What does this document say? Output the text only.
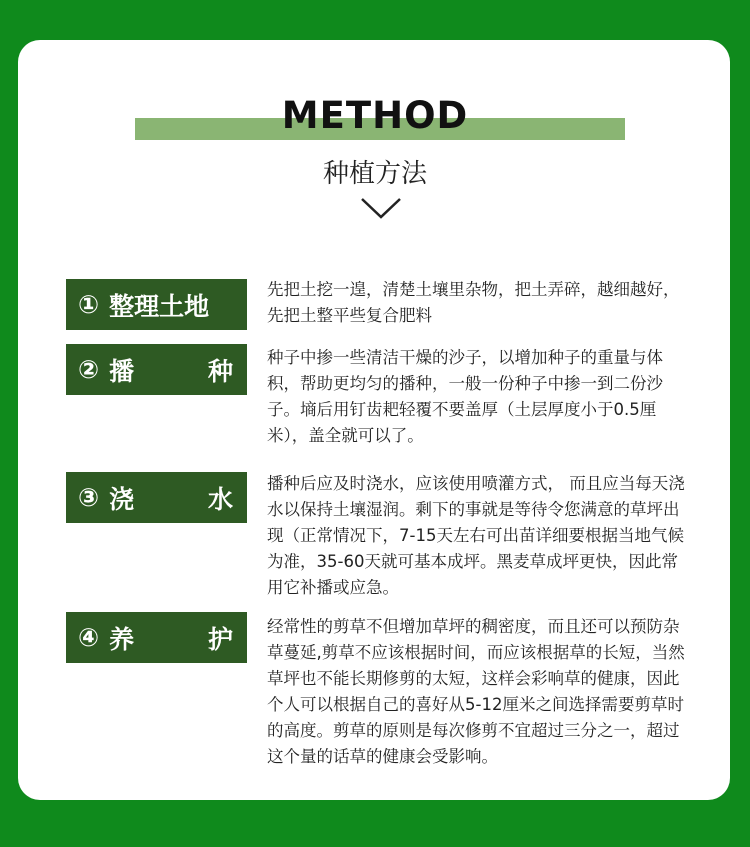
METHOD
种植方法
① 整理土地
先把土挖一遑，清楚土壤里杂物，把土弄碎，越细越好，先把土整平些复合肥料
② 播	种 种子中掺一些清洁干燥的沙子，以增加种子的重量与体积，帮助更均匀的播种，一般一份种子中掺一到二份沙子。墒后用钉齿耙轻覆不要盖厚（土层厚度小于0.5厘米），盖全就可以了。
③ 浇	水
播种后应及时浇水，应该使用喷灌方式， 而且应当每天浇水以保持土壤湿润。剩下的事就是等待令您满意的草坪出现（正常情况下，7-15天左右可出苗详细要根据当地气候为准，35-60天就可基本成坪。黑麦草成坪更快，因此常用它补播或应急。
④ 养	护 经常性的剪草不但增加草坪的稠密度，而且还可以预防杂草蔓延,剪草不应该根据时间，而应该根据草的长短，当然草坪也不能长期修剪的太短，这样会彩响草的健康，因此个人可以根据自己的喜好从5-12厘米之间选择需要剪草时的高度。剪草的原则是每次修剪不宜超过三分之一，超过这个量的话草的健康会受影响。
